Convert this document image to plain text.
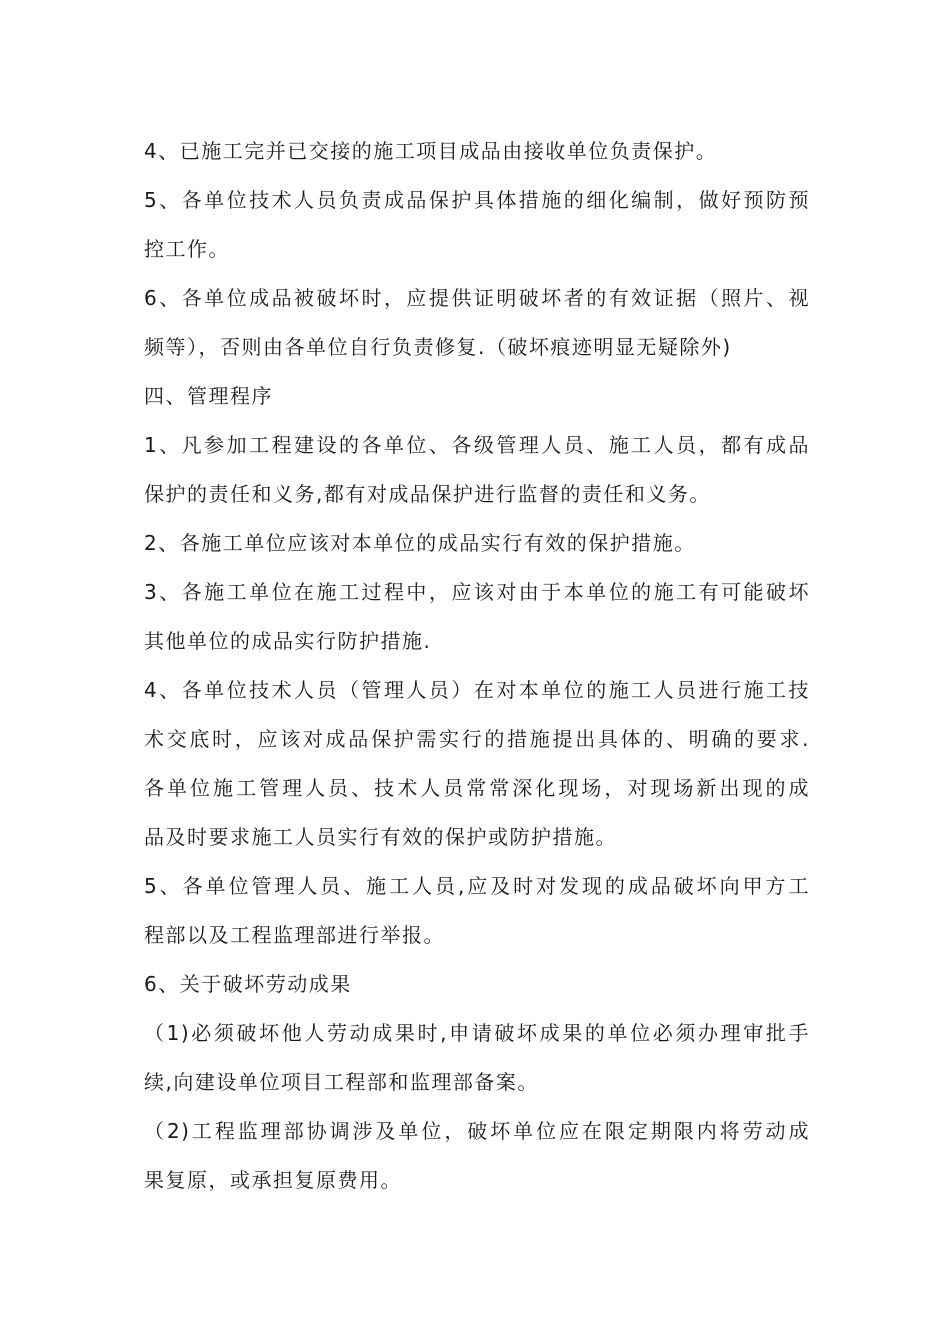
4、已施工完并已交接的施工项目成品由接收单位负责保护。
5、各单位技术人员负责成品保护具体措施的细化编制，做好预防预
控工作。
6、各单位成品被破坏时，应提供证明破坏者的有效证据（照片、视
频等），否则由各单位自行负责修复.（破坏痕迹明显无疑除外)
四、管理程序
1、凡参加工程建设的各单位、各级管理人员、施工人员，都有成品
保护的责任和义务,都有对成品保护进行监督的责任和义务。
2、各施工单位应该对本单位的成品实行有效的保护措施。
3、各施工单位在施工过程中，应该对由于本单位的施工有可能破坏
其他单位的成品实行防护措施.
4、各单位技术人员（管理人员）在对本单位的施工人员进行施工技
术交底时，应该对成品保护需实行的措施提出具体的、明确的要求.
各单位施工管理人员、技术人员常常深化现场，对现场新出现的成
品及时要求施工人员实行有效的保护或防护措施。
5、各单位管理人员、施工人员,应及时对发现的成品破坏向甲方工
程部以及工程监理部进行举报。
6、关于破坏劳动成果
（1)必须破坏他人劳动成果时,申请破坏成果的单位必须办理审批手
续,向建设单位项目工程部和监理部备案。
（2)工程监理部协调涉及单位，破坏单位应在限定期限内将劳动成
果复原，或承担复原费用。
